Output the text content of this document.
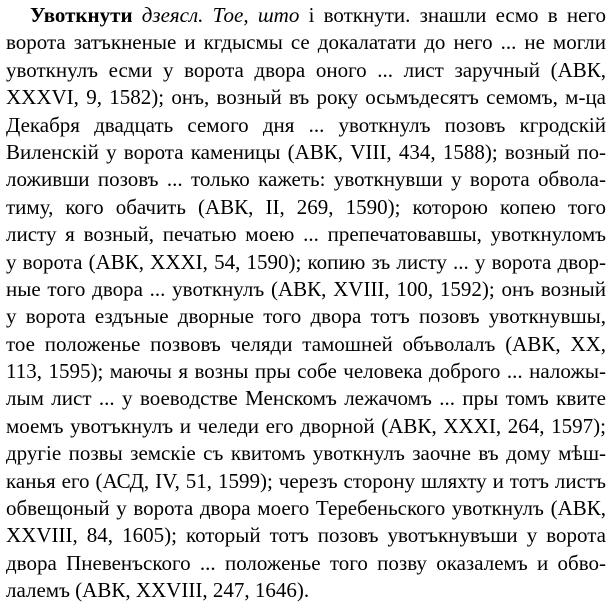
Увоткнути дзеясл. Тое, што і воткнути. знашли есмо в него
ворота затъкненые и кгдысмы се докалатати до него ... не могли
увоткнулъ есми у ворота двора оного ... лист заручный (АВК,
XXXVI, 9, 1582); онъ, возный въ року осьмъдесятъ семомъ, м-ца
Декабря двадцать семого дня ... увоткнулъ позовъ кгродскій
Виленскій у ворота каменицы (АВК, VIII, 434, 1588); возный по-
ложивши позовъ ... только кажеть: увоткнувши у ворота обвола-
тиму, кого обачить (АВК, II, 269, 1590); которою копею того
листу я возный, печатью моею ... препечатовавшы, увоткнуломъ
у ворота (АВК, XXXI, 54, 1590); копию зъ листу ... у ворота двор-
ные того двора ... увоткнулъ (АВК, XVIII, 100, 1592); онъ возный
у ворота ездъные дворные того двора тотъ позовъ увоткнувшы,
тое положенье позвовъ челяди тамошней объволалъ (АВК, XX,
113, 1595); маючы я возны пры собе человека доброго ... наложы-
лым лист ... у воеводстве Менскомъ лежачомъ ... пры томъ квите
моемъ увотъкнулъ и челеди его дворной (АВК, XXXI, 264, 1597);
другіе позвы земскіе съ квитомъ увоткнулъ заочне въ дому мѣш-
канья его (АСД, IV, 51, 1599); черезъ сторону шляхту и тотъ листъ
обвещоный у ворота двора моего Теребеньского увоткнулъ (АВК,
XXVIII, 84, 1605); который тотъ позовъ увотъкнувъши у ворота
двора Пневенъского ... положенье того позву оказалемъ и обво-
лалемъ (АВК, XXVIII, 247, 1646).
